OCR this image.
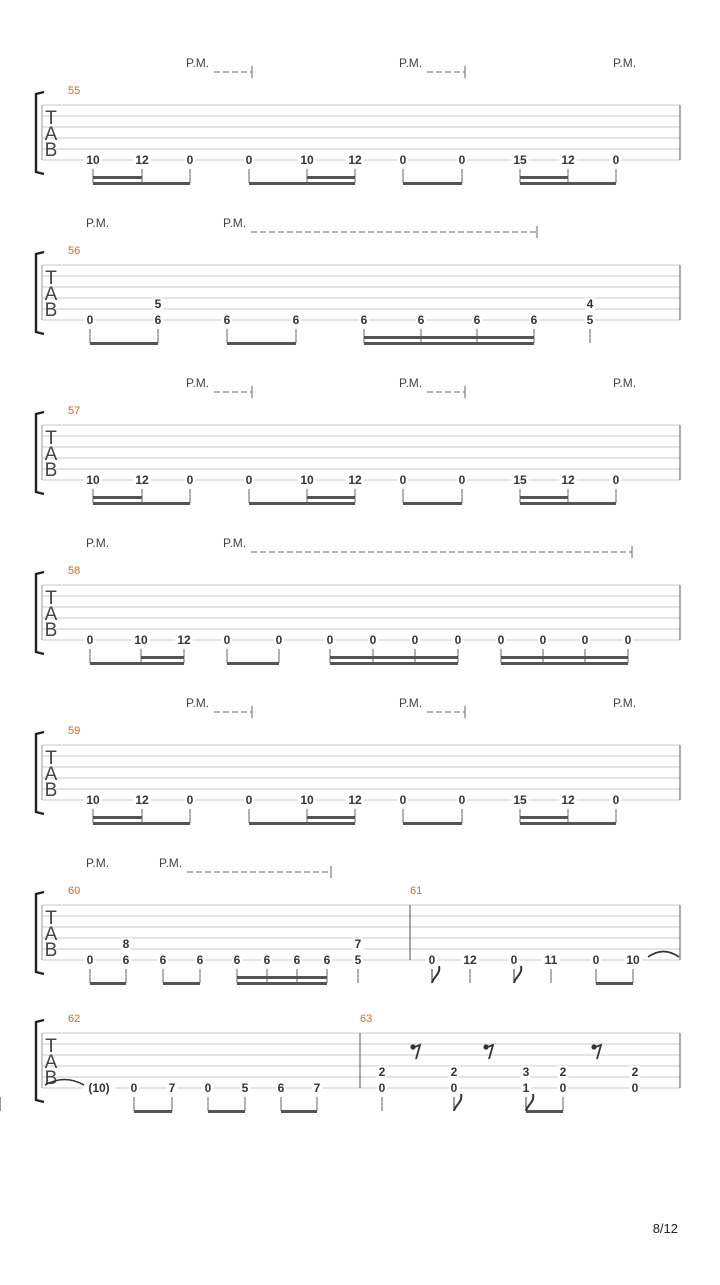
T
A
B
55
P.M.	P.M.	P.M.
10	12	0	0	10	12	0	0	15	12	0
T
A
B
56
P.M.	P.M.
0
5
6	6	6	6	6	6	6
4
5
T
A
B
57
P.M.	P.M.	P.M.
10	12	0	0	10	12	0	0	15	12	0
T
A
B
58
P.M.	P.M.
0	10 12	0	0	0	0	0	0	0	0	0	0
T
A
B
59
P.M.	P.M.	P.M.
10	12	0	0	10	12	0	0	15	12	0
T
A
B
60	61
P.M.	P.M.
0
8
6	6	6	6 6 6 6
7
5	0 12	0 11	0 10
T
A
B
62	63
(10) 0	7 0	5 6 7
2
0
2
0
3
1
2
0
2
0
8/12
